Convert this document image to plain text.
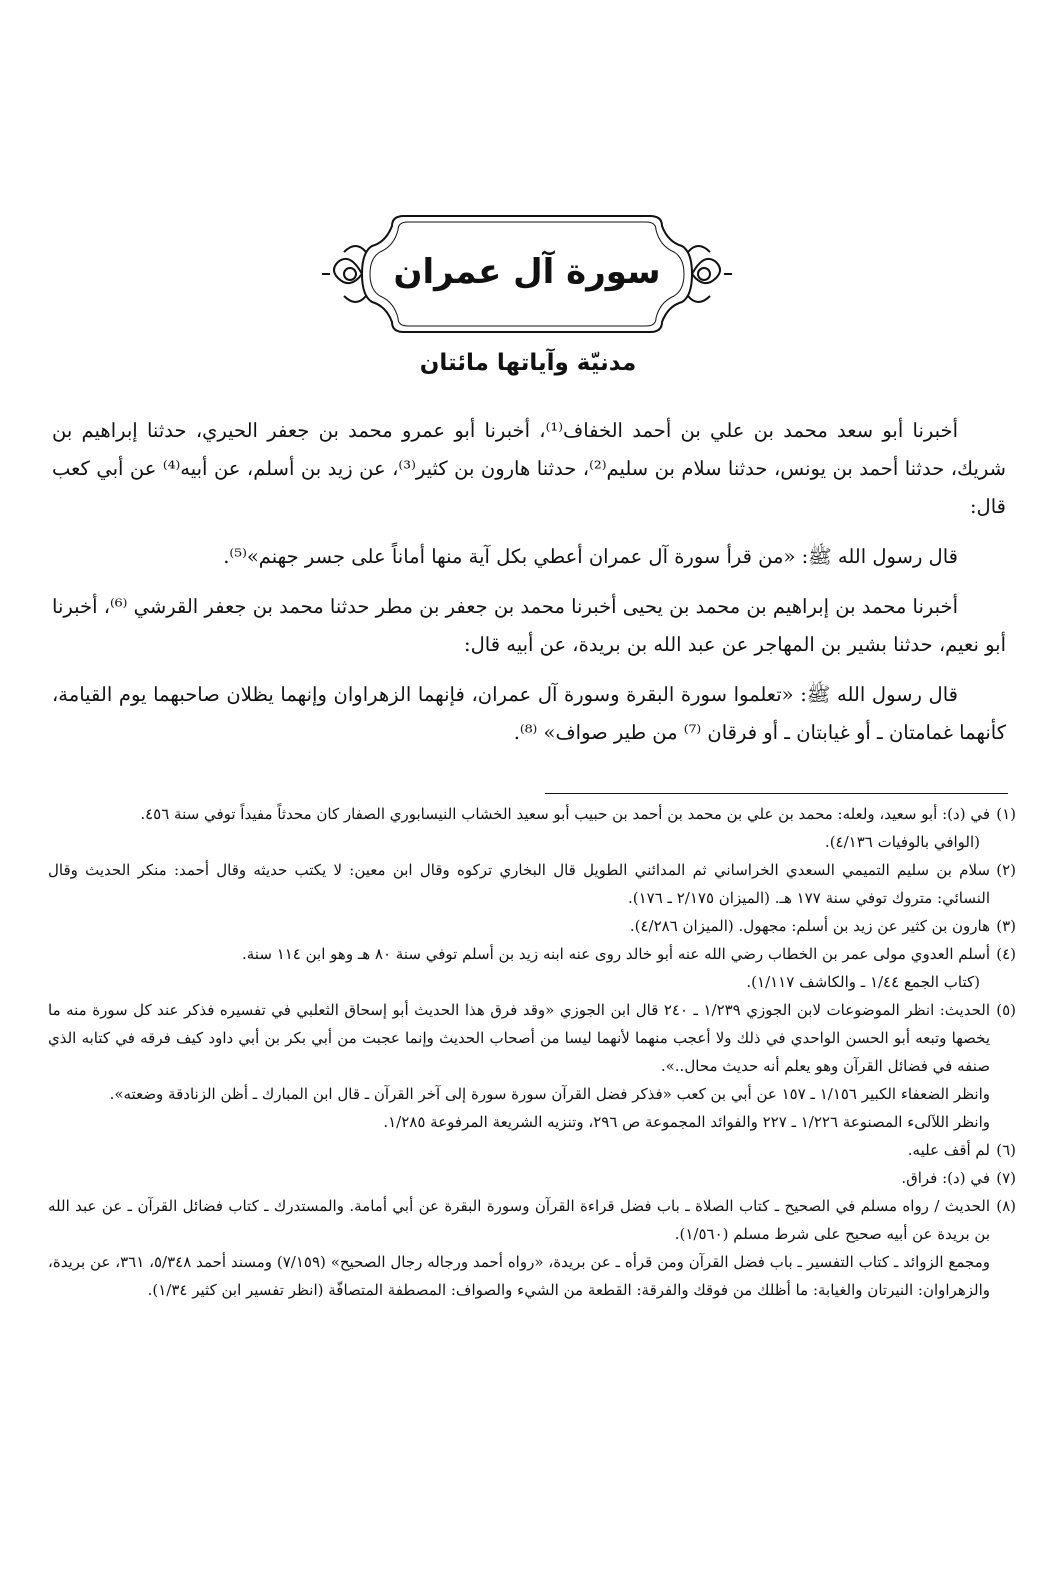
سورة آل عمران
مدنيّة وآياتها مائتان

أخبرنا أبو سعد محمد بن علي بن أحمد الخفاف⁽¹⁾، أخبرنا أبو عمرو محمد بن جعفر الحيري، حدثنا إبراهيم بن شريك، حدثنا أحمد بن يونس، حدثنا سلام بن سليم⁽²⁾، حدثنا هارون بن كثير⁽³⁾، عن زيد بن أسلم، عن أبيه⁽⁴⁾ عن أبي كعب قال:

قال رسول الله ﷺ: «من قرأ سورة آل عمران أعطي بكل آية منها أماناً على جسر جهنم»⁽⁵⁾.

أخبرنا محمد بن إبراهيم بن محمد بن يحيى أخبرنا محمد بن جعفر بن مطر حدثنا محمد بن جعفر القرشي ⁽⁶⁾، أخبرنا أبو نعيم، حدثنا بشير بن المهاجر عن عبد الله بن بريدة، عن أبيه قال:

قال رسول الله ﷺ: «تعلموا سورة البقرة وسورة آل عمران، فإنهما الزهراوان وإنهما يظلان صاحبهما يوم القيامة، كأنهما غمامتان ـ أو غيابتان ـ أو فرقان ⁽⁷⁾ من طير صواف» ⁽⁸⁾.

(١)

في (د): أبو سعيد، ولعله: محمد بن علي بن محمد بن أحمد بن حبيب أبو سعيد الخشاب النيسابوري الصفار كان محدثاً مفيداً توفي سنة ٤٥٦.

(الوافي بالوفيات ٤/١٣٦).

(٢)

سلام بن سليم التميمي السعدي الخراساني ثم المدائني الطويل قال البخاري تركوه وقال ابن معين: لا يكتب حديثه وقال أحمد: منكر الحديث وقال النسائي: متروك توفي سنة ١٧٧ هـ. (الميزان ٢/١٧٥ ـ ١٧٦).

(٣)

هارون بن كثير عن زيد بن أسلم: مجهول. (الميزان ٤/٢٨٦).

(٤)

أسلم العدوي مولى عمر بن الخطاب رضي الله عنه أبو خالد روى عنه ابنه زيد بن أسلم توفي سنة ٨٠ هـ وهو ابن ١١٤ سنة.

(كتاب الجمع ١/٤٤ ـ والكاشف ١/١١٧).

(٥)

الحديث: انظر الموضوعات لابن الجوزي ١/٢٣٩ ـ ٢٤٠ قال ابن الجوزي «وقد فرق هذا الحديث أبو إسحاق الثعلبي في تفسيره فذكر عند كل سورة منه ما يخصها وتبعه أبو الحسن الواحدي في ذلك ولا أعجب منهما لأنهما ليسا من أصحاب الحديث وإنما عجبت من أبي بكر بن أبي داود كيف فرقه في كتابه الذي صنفه في فضائل القرآن وهو يعلم أنه حديث محال..».

وانظر الضعفاء الكبير ١/١٥٦ ـ ١٥٧ عن أبي بن كعب «فذكر فضل القرآن سورة سورة إلى آخر القرآن ـ قال ابن المبارك ـ أظن الزنادقة وضعته».

وانظر اللآلىء المصنوعة ١/٢٢٦ ـ ٢٢٧ والفوائد المجموعة ص ٢٩٦، وتنزيه الشريعة المرفوعة ١/٢٨٥.

(٦)

لم أقف عليه.

(٧)

في (د): فراق.

(٨)

الحديث / رواه مسلم في الصحيح ـ كتاب الصلاة ـ باب فضل قراءة القرآن وسورة البقرة عن أبي أمامة. والمستدرك ـ كتاب فضائل القرآن ـ عن عبد الله بن بريدة عن أبيه صحيح على شرط مسلم (١/٥٦٠).

ومجمع الزوائد ـ كتاب التفسير ـ باب فضل القرآن ومن قرأه ـ عن بريدة، «رواه أحمد ورجاله رجال الصحيح» (٧/١٥٩) ومسند أحمد ٥/٣٤٨، ٣٦١، عن بريدة، والزهراوان: النيرتان والغيابة: ما أظلك من فوقك والفرقة: القطعة من الشيء والصواف: المصطفة المتصافّة (انظر تفسير ابن كثير ١/٣٤).
